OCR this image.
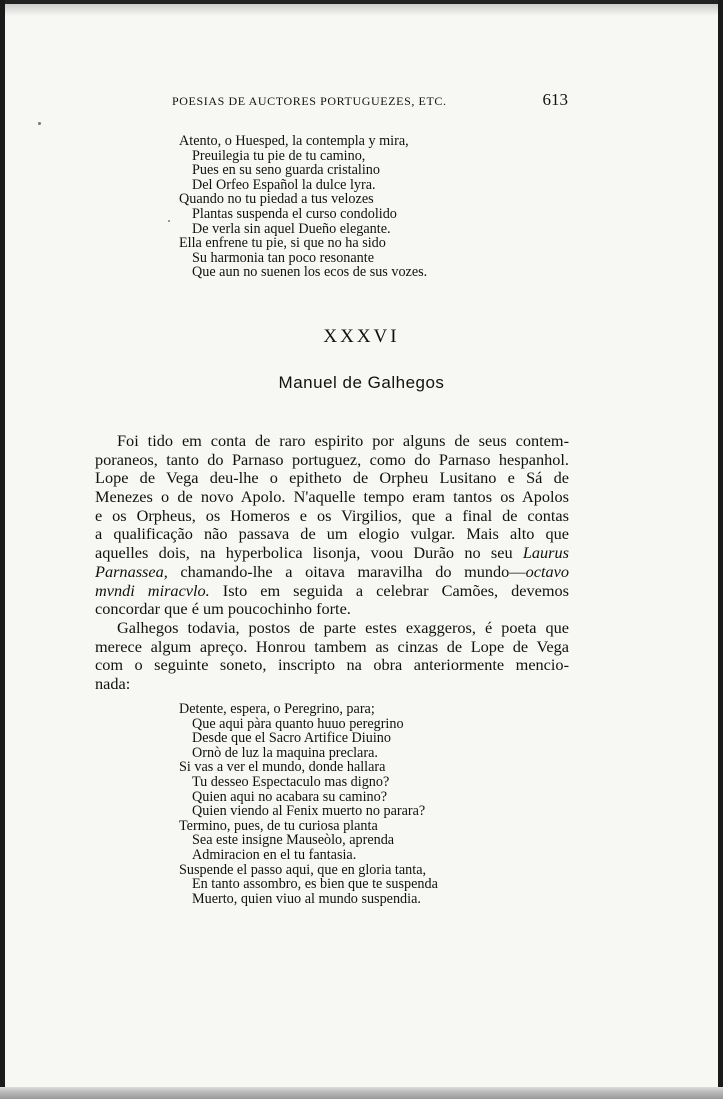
POESIAS DE AUCTORES PORTUGUEZES, ETC.	613
Atento, o Huesped, la contempla y mira,
Preuilegia tu pie de tu camino,
Pues en su seno guarda cristalino
Del Orfeo Español la dulce lyra.
Quando no tu piedad a tus velozes
Plantas suspenda el curso condolido
De verla sin aquel Dueño elegante.
Ella enfrene tu pie, si que no ha sido
Su harmonia tan poco resonante
Que aun no suenen los ecos de sus vozes.
XXXVI
Manuel de Galhegos
Foi tido em conta de raro espirito por alguns de seus contem-
poraneos, tanto do Parnaso portuguez, como do Parnaso hespanhol.
Lope de Vega deu-lhe o epitheto de Orpheu Lusitano e Sá de
Menezes o de novo Apolo. N'aquelle tempo eram tantos os Apolos
e os Orpheus, os Homeros e os Virgilios, que a final de contas
a qualificação não passava de um elogio vulgar. Mais alto que
aquelles dois, na hyperbolica lisonja, voou Durão no seu Laurus
Parnassea, chamando-lhe a oitava maravilha do mundo—octavo
mvndi miracvlo. Isto em seguida a celebrar Camões, devemos
concordar que é um poucochinho forte.
Galhegos todavia, postos de parte estes exaggeros, é poeta que
merece algum apreço. Honrou tambem as cinzas de Lope de Vega
com o seguinte soneto, inscripto na obra anteriormente mencio-
nada:
Detente, espera, o Peregrino, para;
Que aqui pàra quanto huuo peregrino
Desde que el Sacro Artifice Diuino
Ornò de luz la maquina preclara.
Si vas a ver el mundo, donde hallara
Tu desseo Espectaculo mas digno?
Quien aqui no acabara su camino?
Quien viendo al Fenix muerto no parara?
Termino, pues, de tu curiosa planta
Sea este insigne Mauseòlo, aprenda
Admiracion en el tu fantasia.
Suspende el passo aqui, que en gloria tanta,
En tanto assombro, es bien que te suspenda
Muerto, quien viuo al mundo suspendia.
